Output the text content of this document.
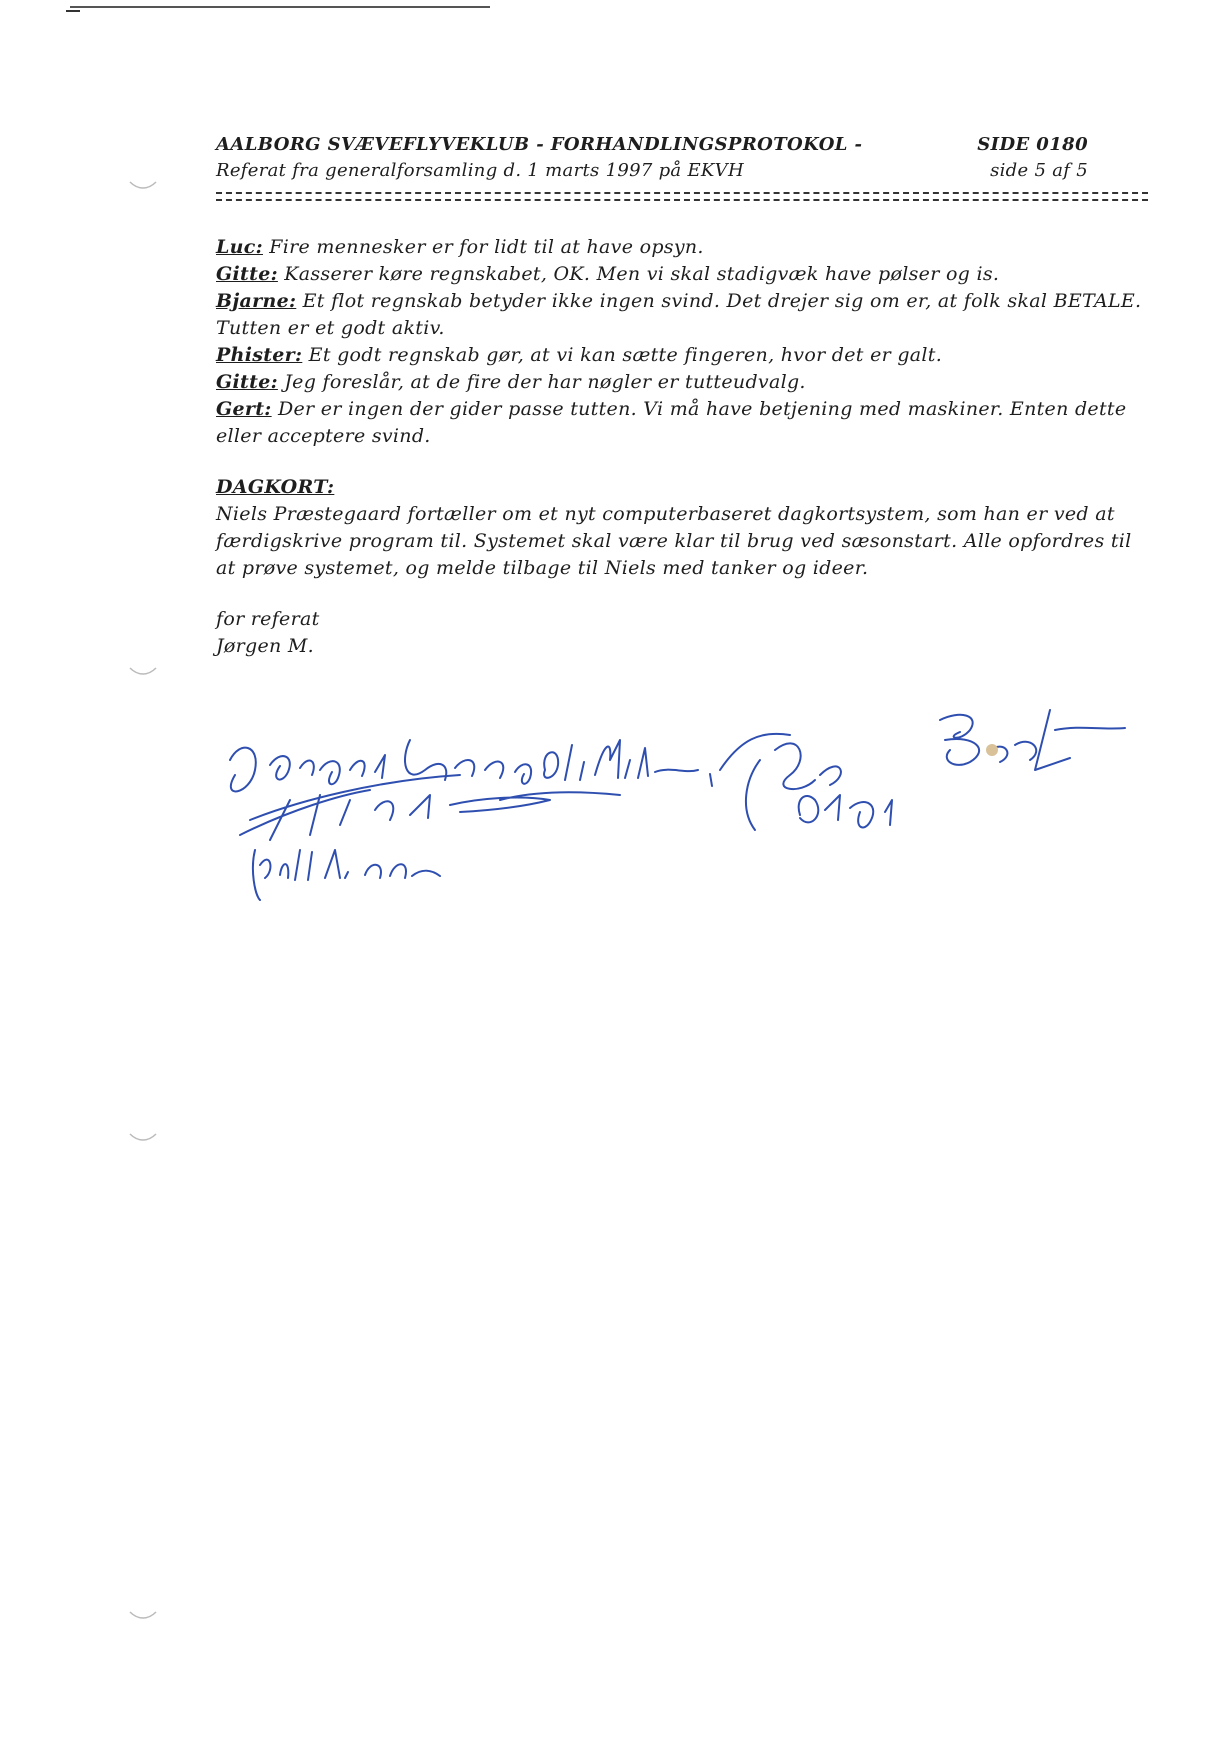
AALBORG SVÆVEFLYVEKLUB - FORHANDLINGSPROTOKOL -
Referat fra generalforsamling d. 1 marts 1997 på EKVH
SIDE 0180
side 5 af 5

Luc: Fire mennesker er for lidt til at have opsyn.

Gitte: Kasserer køre regnskabet, OK. Men vi skal stadigvæk have pølser og is.

Bjarne: Et flot regnskab betyder ikke ingen svind. Det drejer sig om er, at folk skal BETALE. Tutten er et godt aktiv.

Phister: Et godt regnskab gør, at vi kan sætte fingeren, hvor det er galt.

Gitte: Jeg foreslår, at de fire der har nøgler er tutteudvalg.

Gert: Der er ingen der gider passe tutten. Vi må have betjening med maskiner. Enten dette eller acceptere svind.

DAGKORT:

Niels Præstegaard fortæller om et nyt computerbaseret dagkortsystem, som han er ved at færdigskrive program til. Systemet skal være klar til brug ved sæsonstart. Alle opfordres til at prøve systemet, og melde tilbage til Niels med tanker og ideer.

for referat

Jørgen M.
